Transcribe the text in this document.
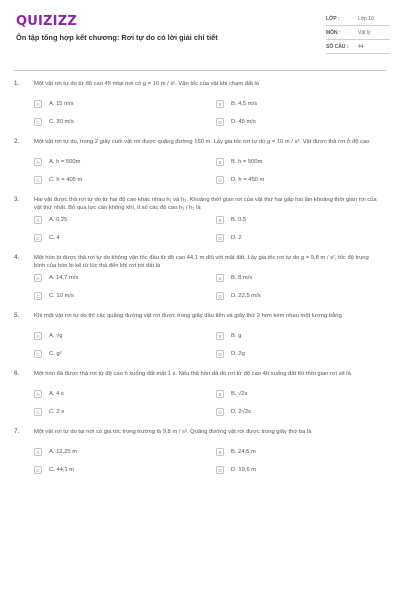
QUIZIZZ
Ôn tập tổng hợp kết chương: Rơi tự do có lời giải chi tiết
LỚP :	Lớp 10
MÔN :	Vật lý
SỐ CÂU :	44
1.	Một vật rơi tự do từ độ cao 45 mtại nơi có g = 10 m / s². Vận tốc của vật khi chạm đất là
A	A. 15 m/s	B	B. 4,5 m/s
C	C. 30 m/s	D	D. 45 m/s
2.	Một vật rơi tự do, trong 2 giây cuối vật rơi được quãng đường 160 m. Lấy gia tốc rơi tự do g = 10 m / s². Vật được thả rơi ở độ cao
A	A. h = 500m	B	B. h = 500m
C	C. h = 405 m	D	D. h = 450 m
3.	Hai vật được thả rơi tự do từ hai độ cao khác nhau h₁ và h₂. Khoảng thời gian rơi của vật thứ hai gấp hai lần khoảng thời gian rơi của vật thứ nhất. Bỏ qua lực cản không khí, tỉ số các độ cao h₁ / h₂ là
A	A. 0,25	B	B. 0,5
C	C. 4	D	D. 2
4.	Một hòn bi được thả rơi tự do không vận tốc đầu từ độ cao 44,1 m đối với mặt đất. Lấy gia tốc rơi tự do g = 9,8 m / s², tốc độ trung bình của hòn bi kể từ lúc thả đến khi rơi tới đất là
A	A. 14,7 m/s	B	B. 8 m/s
C	C. 10 m/s	D	D. 22,5 m/s
5.	Khi một vật rơi tự do thì các quãng đường vật rơi được trong giây đầu tiên và giây thứ 2 hơn kém nhau một lượng bằng
A	A. √g	B	B. g
C	C. g²	D	D. 2g
6.	Một hòn đá được thả rơi từ độ cao h xuống đất mất 1 s. Nếu thả hòn đá đó rơi từ độ cao 4h xuống đất thì thời gian rơi sẽ là
A	A. 4 s	B	B. √2s
C	C. 2 s	D	D. 2√2s
7.	Một vật rơi tự do tại nơi có gia tốc trọng trường là 9,8 m / s². Quãng đường vật rơi được trong giây thứ ba là
A	A. 12,25 m	B	B. 24,5 m
C	C. 44,1 m	D	D. 19,6 m
